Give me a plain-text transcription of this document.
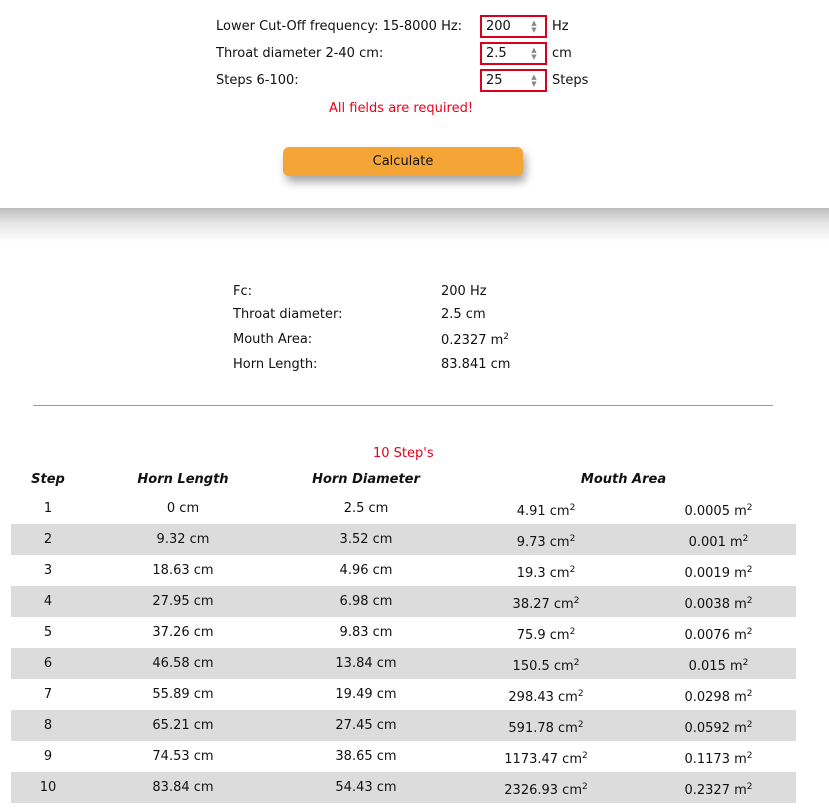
Lower Cut-Off frequency: 15-8000 Hz:	200	▲
▼	Hz
Throat diameter 2-40 cm:	2.5	▲
▼	cm
Steps 6-100:	25	▲
▼	Steps
All fields are required!
Calculate
Fc:	200 Hz
Throat diameter:	2.5 cm
Mouth Area:	0.2327 $m^2$
Horn Length:	83.841 cm
10 Step's
Step	Horn Length	Horn Diameter	Mouth Area
1	0 cm	2.5 cm	4.91 $cm^2$	0.0005 $m^2$
2	9.32 cm	3.52 cm	9.73 $cm^2$	0.001 $m^2$
3	18.63 cm	4.96 cm	19.3 $cm^2$	0.0019 $m^2$
4	27.95 cm	6.98 cm	38.27 $cm^2$	0.0038 $m^2$
5	37.26 cm	9.83 cm	75.9 $cm^2$	0.0076 $m^2$
6	46.58 cm	13.84 cm	150.5 $cm^2$	0.015 $m^2$
7	55.89 cm	19.49 cm	298.43 $cm^2$	0.0298 $m^2$
8	65.21 cm	27.45 cm	591.78 $cm^2$	0.0592 $m^2$
9	74.53 cm	38.65 cm	1173.47 $cm^2$	0.1173 $m^2$
10	83.84 cm	54.43 cm	2326.93 $cm^2$	0.2327 $m^2$
